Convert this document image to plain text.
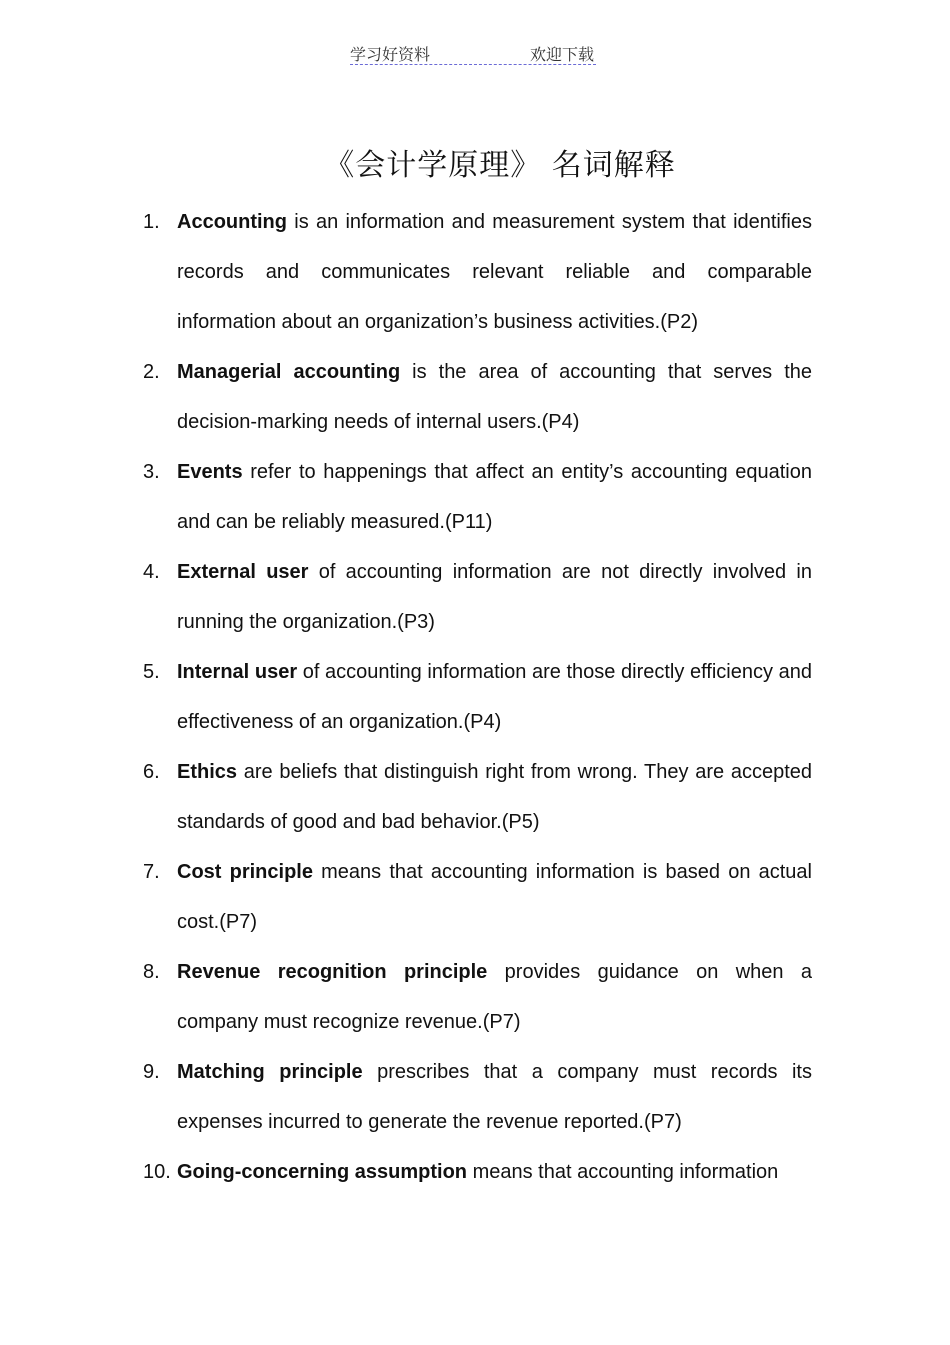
学习好资料	欢迎下载
《会计学原理》 名词解释
1. Accounting is an information and measurement system that identifies records and communicates relevant reliable and comparable information about an organization’s business activities.(P2)
2. Managerial accounting is the area of accounting that serves the decision-marking needs of internal users.(P4)
3. Events refer to happenings that affect an entity’s accounting equation and can be reliably measured.(P11)
4. External user of accounting information are not directly involved in running the organization.(P3)
5. Internal user of accounting information are those directly efficiency and effectiveness of an organization.(P4)
6. Ethics are beliefs that distinguish right from wrong. They are accepted standards of good and bad behavior.(P5)
7. Cost principle means that accounting information is based on actual cost.(P7)
8. Revenue recognition principle provides guidance on when a company must recognize revenue.(P7)
9. Matching principle prescribes that a company must records its expenses incurred to generate the revenue reported.(P7)
10. Going-concerning assumption means that accounting information
